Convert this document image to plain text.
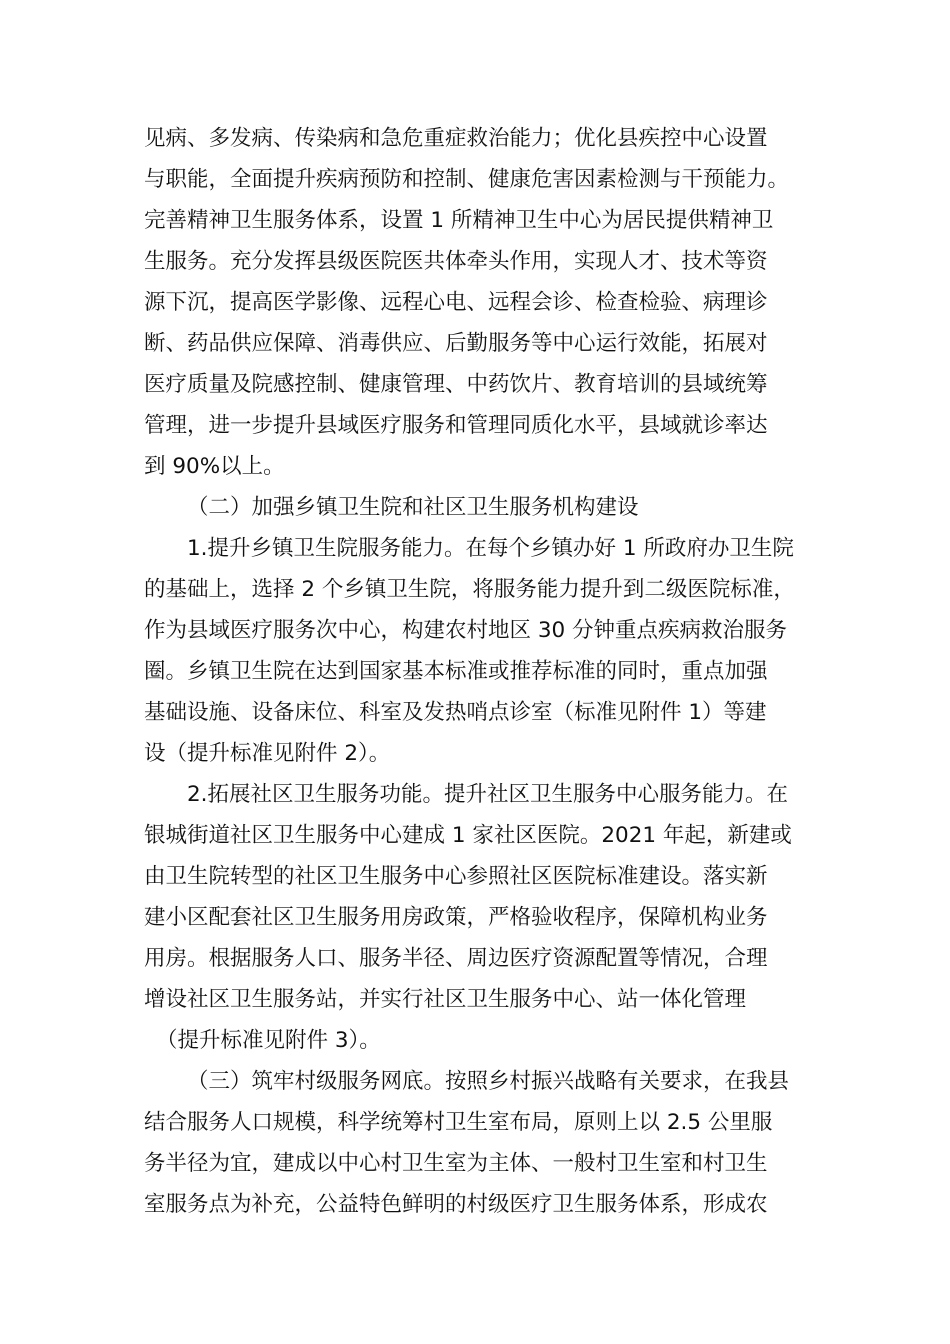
见病、多发病、传染病和急危重症救治能力；优化县疾控中心设置
与职能，全面提升疾病预防和控制、健康危害因素检测与干预能力。
完善精神卫生服务体系，设置 1 所精神卫生中心为居民提供精神卫
生服务。充分发挥县级医院医共体牵头作用，实现人才、技术等资
源下沉，提高医学影像、远程心电、远程会诊、检查检验、病理诊
断、药品供应保障、消毒供应、后勤服务等中心运行效能，拓展对
医疗质量及院感控制、健康管理、中药饮片、教育培训的县域统筹
管理，进一步提升县域医疗服务和管理同质化水平，县域就诊率达
到 90%以上。
（二）加强乡镇卫生院和社区卫生服务机构建设
1.提升乡镇卫生院服务能力。在每个乡镇办好 1 所政府办卫生院
的基础上，选择 2 个乡镇卫生院，将服务能力提升到二级医院标准，
作为县域医疗服务次中心，构建农村地区 30 分钟重点疾病救治服务
圈。乡镇卫生院在达到国家基本标准或推荐标准的同时，重点加强
基础设施、设备床位、科室及发热哨点诊室（标准见附件 1）等建
设（提升标准见附件 2）。
2.拓展社区卫生服务功能。提升社区卫生服务中心服务能力。在
银城街道社区卫生服务中心建成 1 家社区医院。2021 年起，新建或
由卫生院转型的社区卫生服务中心参照社区医院标准建设。落实新
建小区配套社区卫生服务用房政策，严格验收程序，保障机构业务
用房。根据服务人口、服务半径、周边医疗资源配置等情况，合理
增设社区卫生服务站，并实行社区卫生服务中心、站一体化管理
（提升标准见附件 3）。
（三）筑牢村级服务网底。按照乡村振兴战略有关要求，在我县
结合服务人口规模，科学统筹村卫生室布局，原则上以 2.5 公里服
务半径为宜，建成以中心村卫生室为主体、一般村卫生室和村卫生
室服务点为补充，公益特色鲜明的村级医疗卫生服务体系，形成农
